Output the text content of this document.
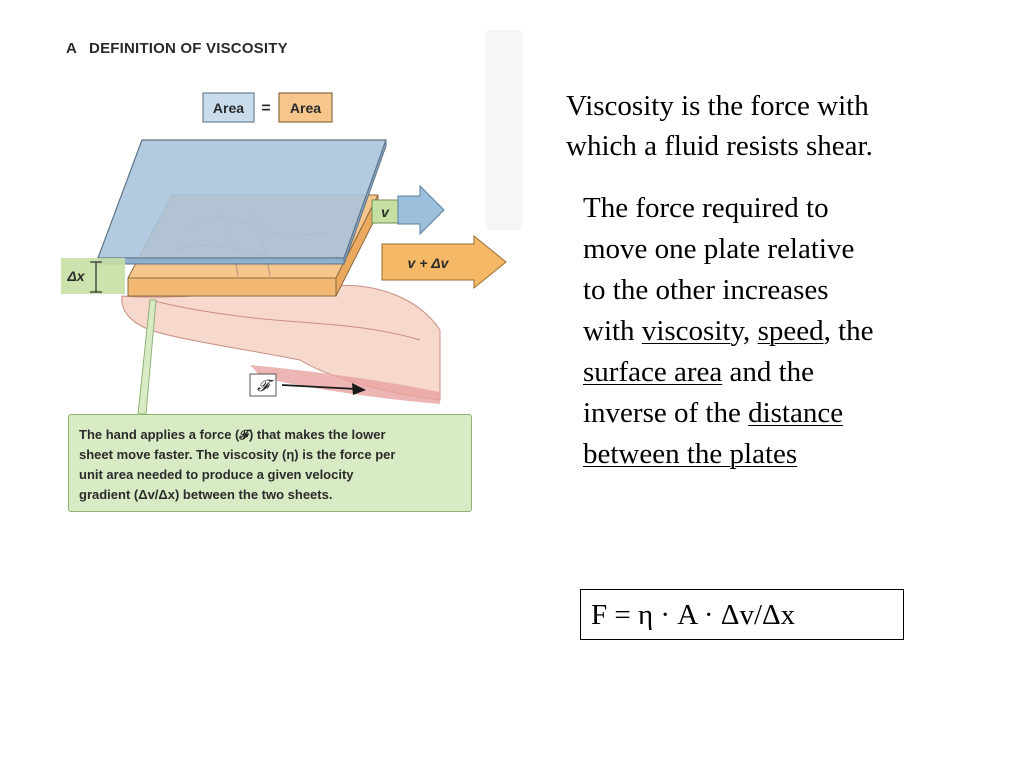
A DEFINITION OF VISCOSITY
Area = Area
v
v + Δv
Δx
𝓕
The hand applies a force (𝓕) that makes the lower
sheet move faster. The viscosity (η) is the force per
unit area needed to produce a given velocity
gradient (Δv/Δx) between the two sheets.
Viscosity is the force with
which a fluid resists shear.
The force required to
move one plate relative
to the other increases
with viscosity, speed, the
surface area and the
inverse of the distance
between the plates
F = η · A · Δv/Δx
